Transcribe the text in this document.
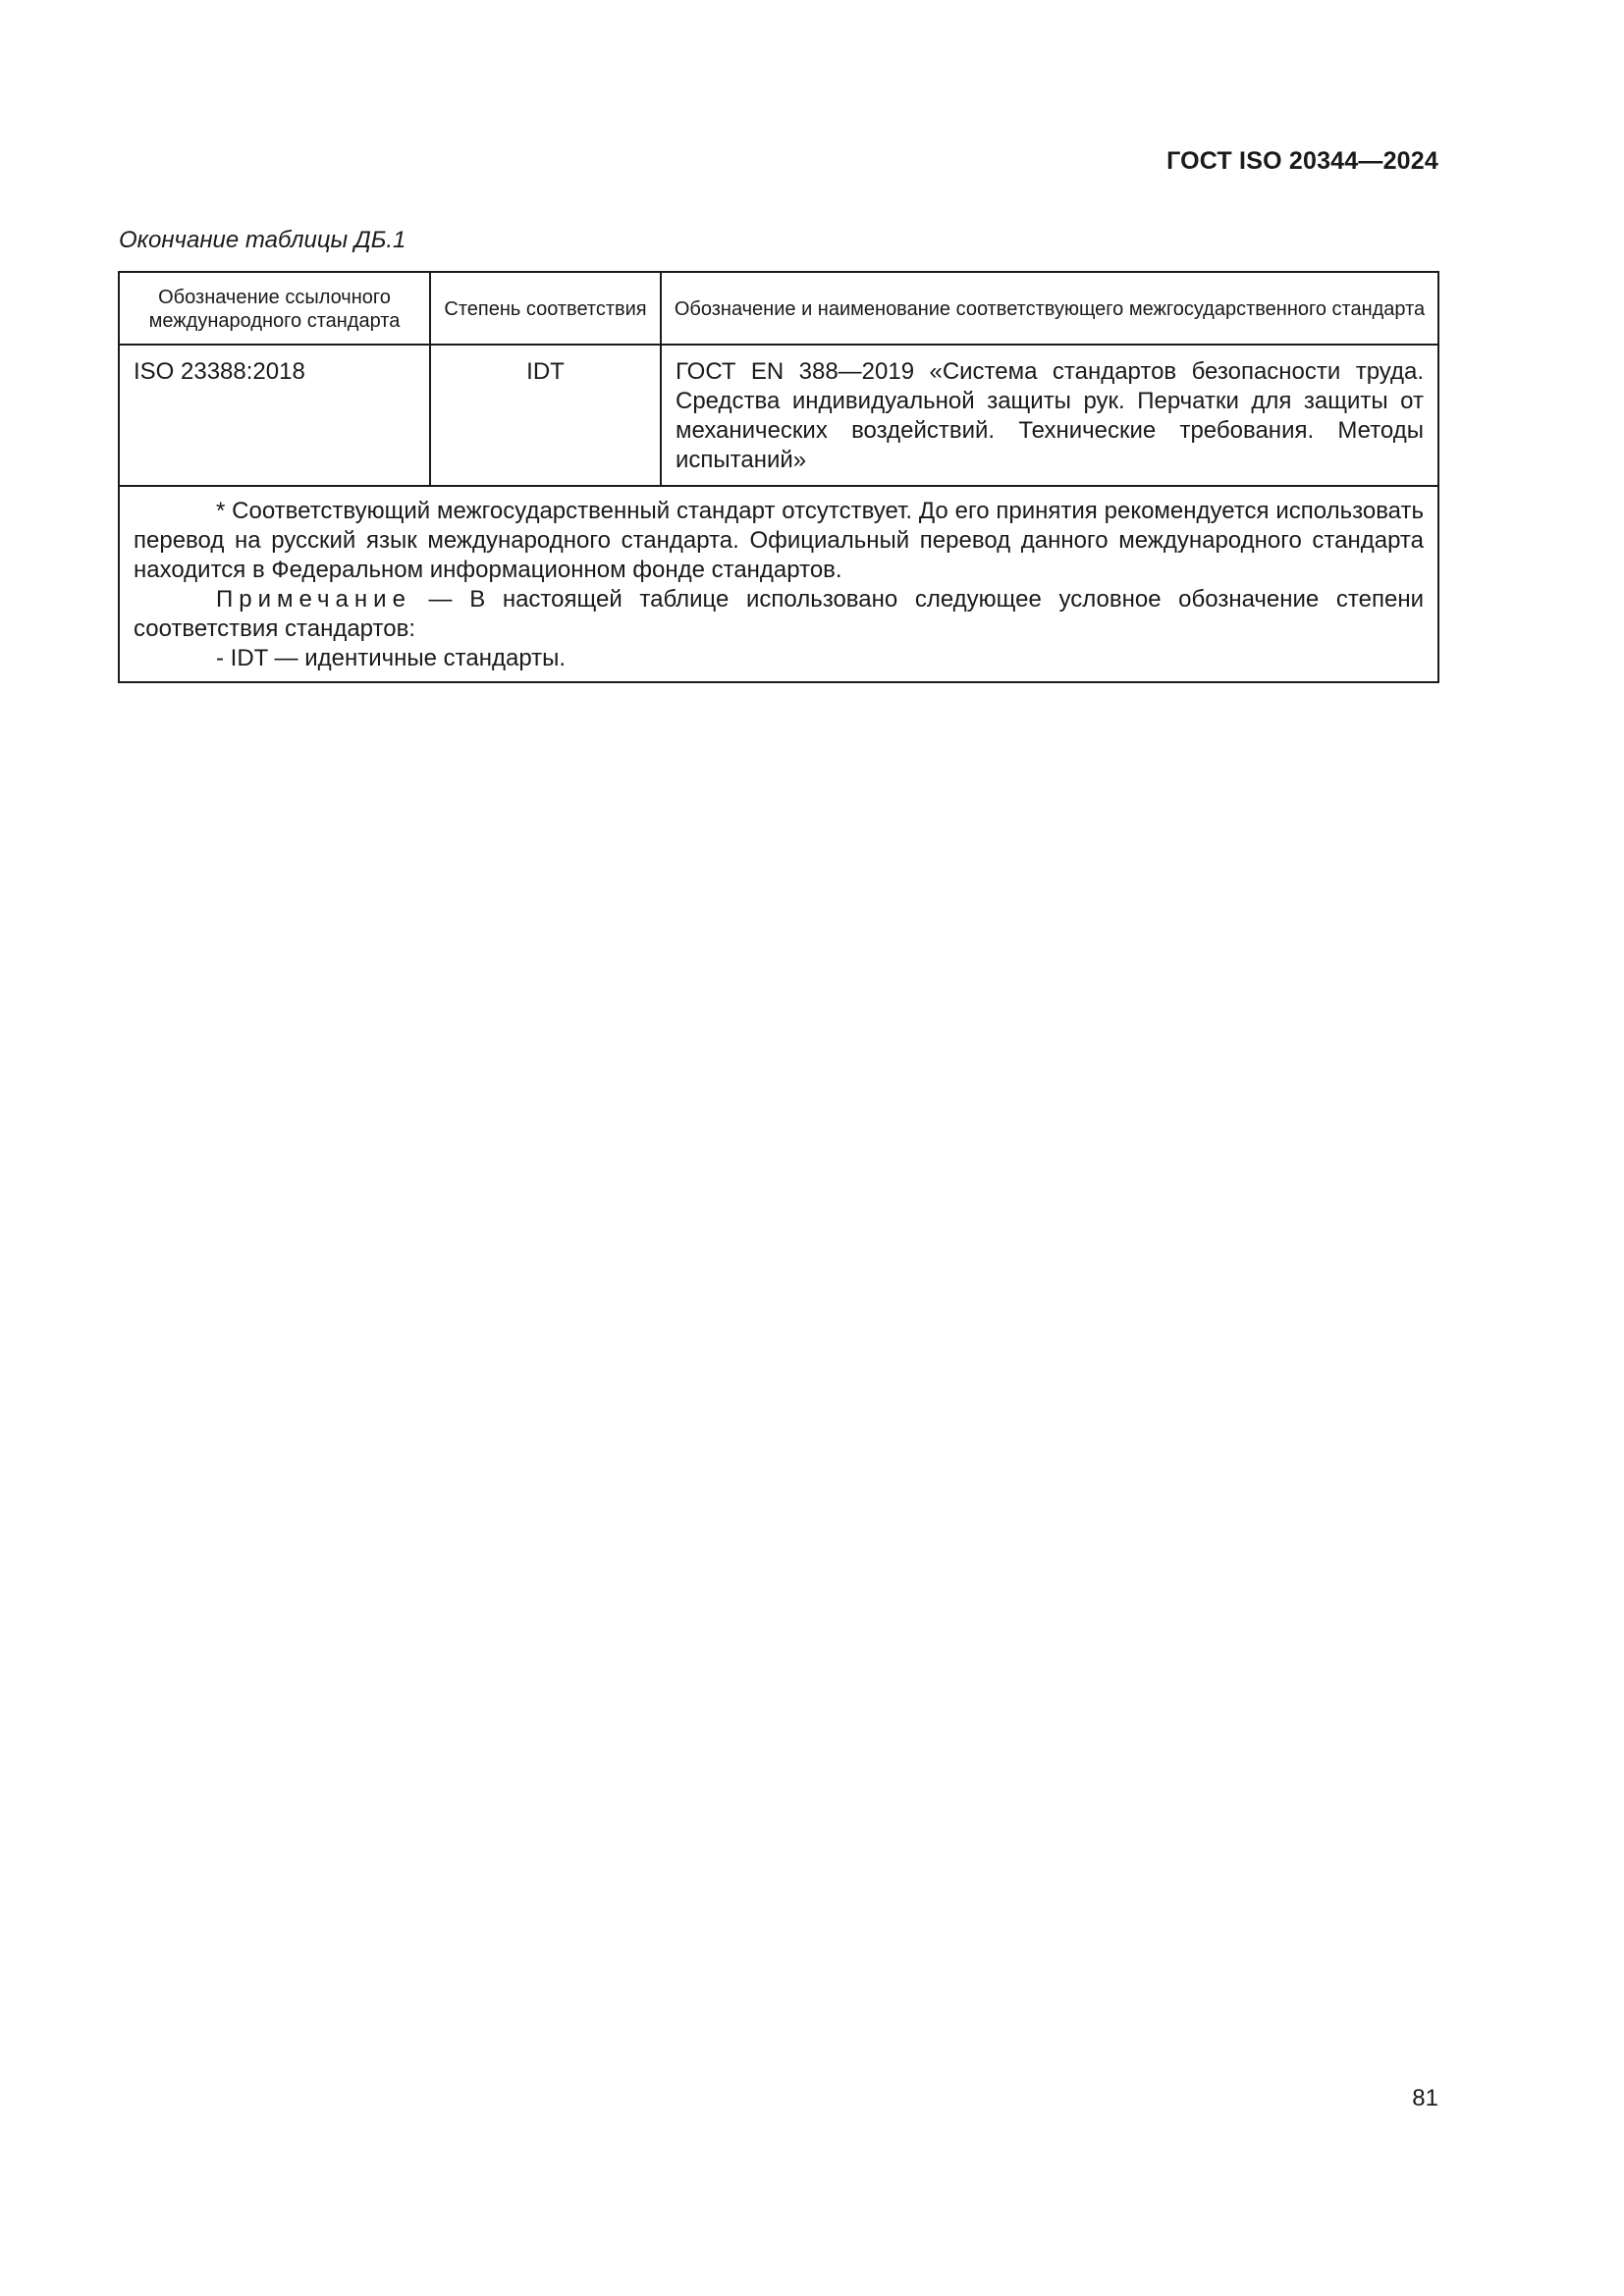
ГОСТ ISO 20344—2024
Окончание таблицы ДБ.1
Обозначение ссылочного международного стандарта	Степень соответствия	Обозначение и наименование соответствующего межгосударственного стандарта
ISO 23388:2018	IDT	ГОСТ EN 388—2019 «Система стандартов безопасности труда. Средства индивидуальной защиты рук. Перчатки для защиты от механических воздействий. Технические требования. Методы испытаний»

* Соответствующий межгосударственный стандарт отсутствует. До его принятия рекомендуется использовать перевод на русский язык международного стандарта. Официальный перевод данного международного стандарта находится в Федеральном информационном фонде стандартов.

Примечание — В настоящей таблице использовано следующее условное обозначение степени соответствия стандартов:

- IDT — идентичные стандарты.		

81
